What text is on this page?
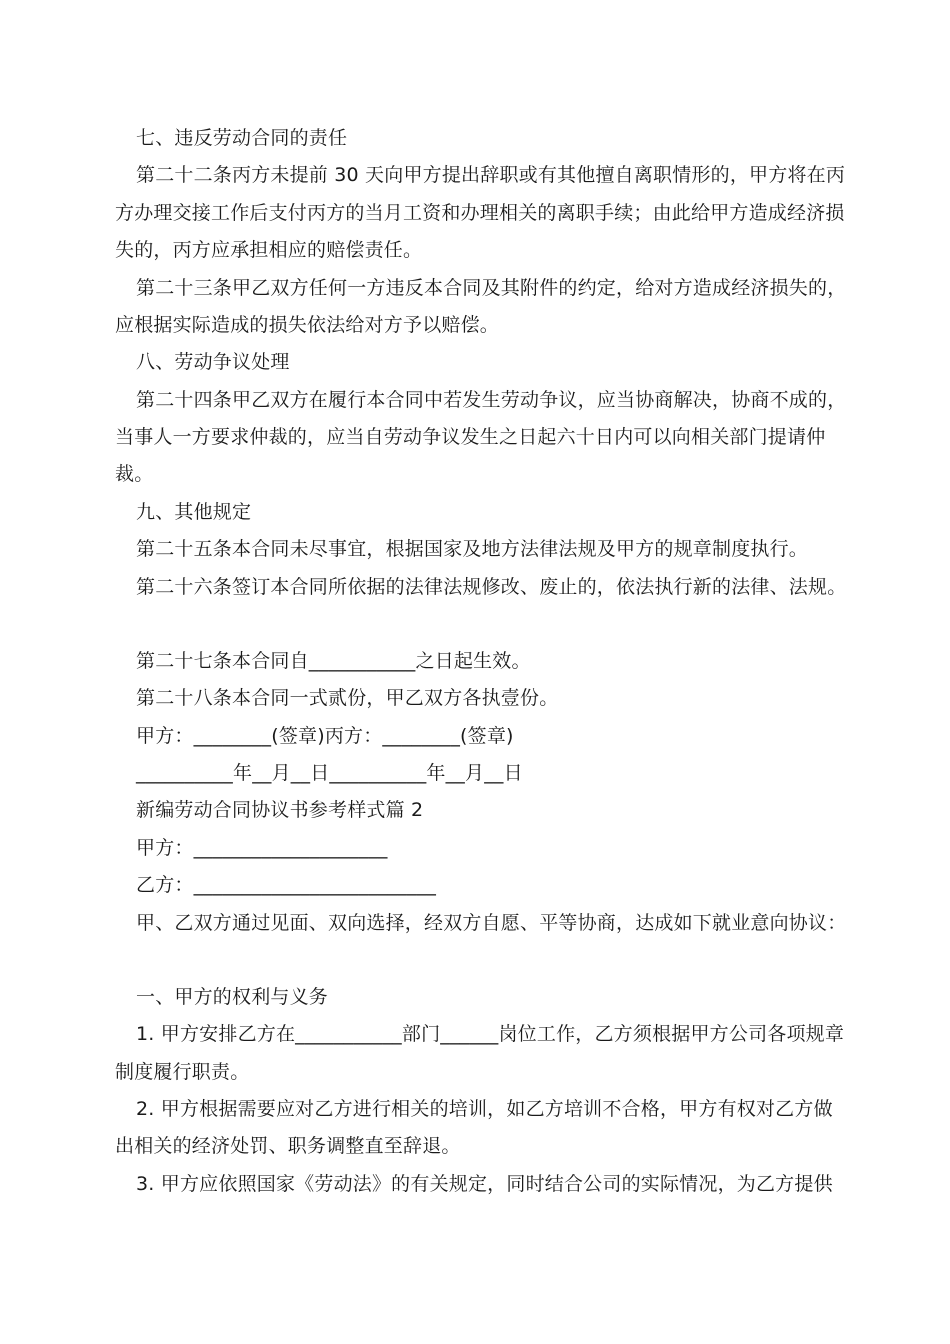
七、违反劳动合同的责任
第二十二条丙方未提前 30 天向甲方提出辞职或有其他擅自离职情形的，甲方将在丙
方办理交接工作后支付丙方的当月工资和办理相关的离职手续；由此给甲方造成经济损
失的，丙方应承担相应的赔偿责任。
第二十三条甲乙双方任何一方违反本合同及其附件的约定，给对方造成经济损失的，
应根据实际造成的损失依法给对方予以赔偿。
八、劳动争议处理
第二十四条甲乙双方在履行本合同中若发生劳动争议，应当协商解决，协商不成的，
当事人一方要求仲裁的，应当自劳动争议发生之日起六十日内可以向相关部门提请仲
裁。
九、其他规定
第二十五条本合同未尽事宜，根据国家及地方法律法规及甲方的规章制度执行。
第二十六条签订本合同所依据的法律法规修改、废止的，依法执行新的法律、法规。
第二十七条本合同自___________之日起生效。
第二十八条本合同一式贰份，甲乙双方各执壹份。
甲方：________(签章)丙方：________(签章)
__________年__月__日__________年__月__日
新编劳动合同协议书参考样式篇 2
甲方：____________________
乙方：_________________________
甲、乙双方通过见面、双向选择，经双方自愿、平等协商，达成如下就业意向协议：
一、甲方的权利与义务
1. 甲方安排乙方在___________部门______岗位工作，乙方须根据甲方公司各项规章
制度履行职责。
2. 甲方根据需要应对乙方进行相关的培训，如乙方培训不合格，甲方有权对乙方做
出相关的经济处罚、职务调整直至辞退。
3. 甲方应依照国家《劳动法》的有关规定，同时结合公司的实际情况，为乙方提供
